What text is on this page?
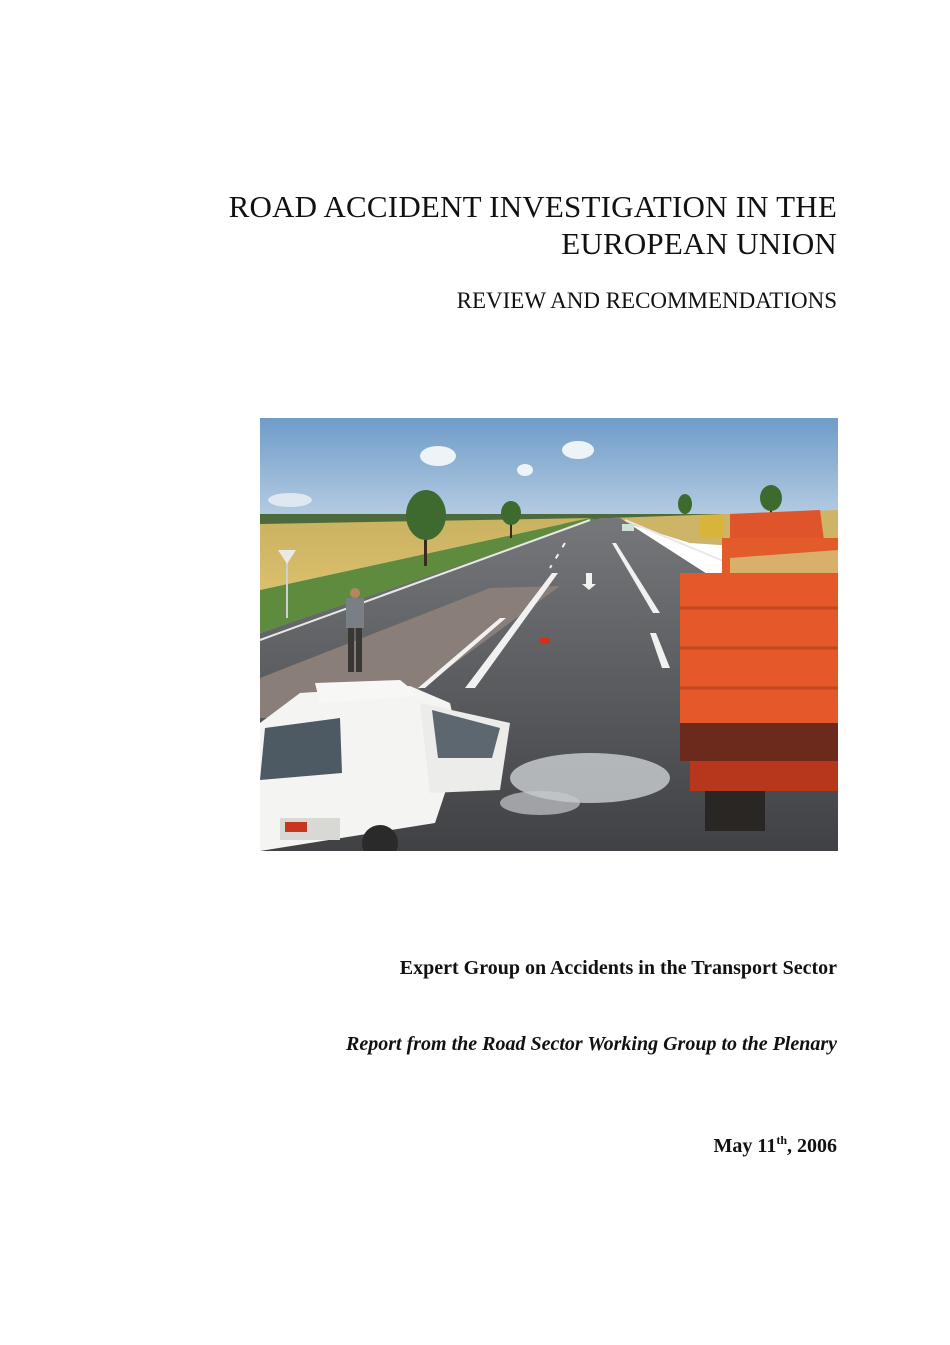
ROAD ACCIDENT INVESTIGATION IN THE
EUROPEAN UNION
REVIEW AND RECOMMENDATIONS
Expert Group on Accidents in the Transport Sector
Report from the Road Sector Working Group to the Plenary
May 11th, 2006
